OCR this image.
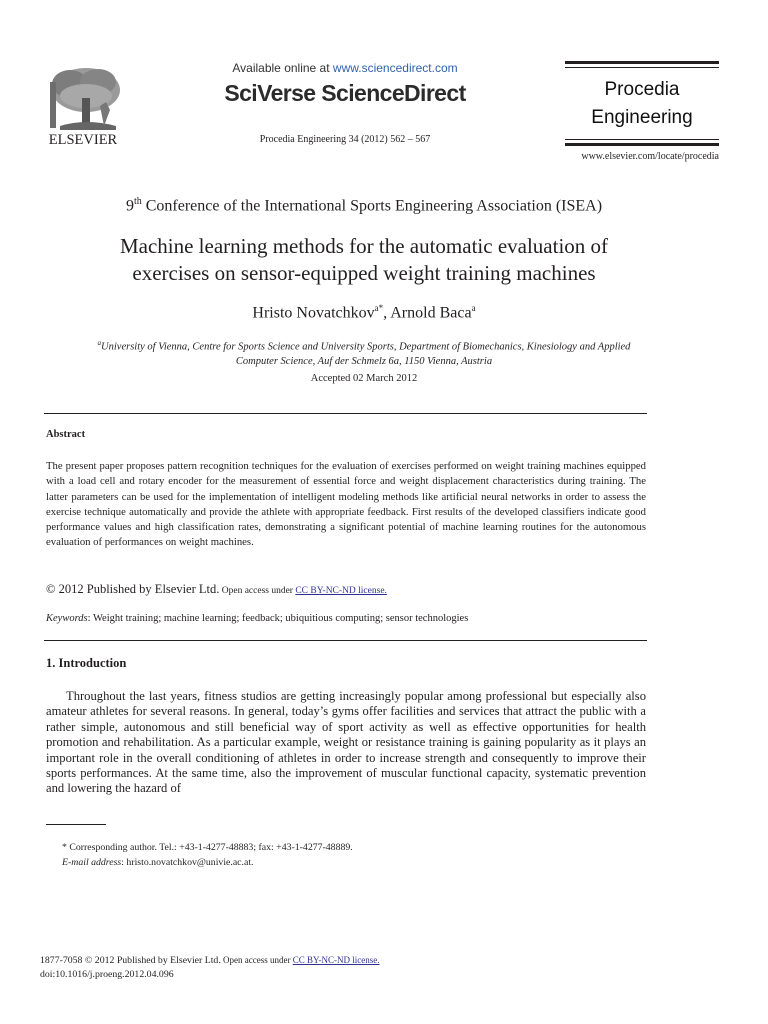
ELSEVIER
Available online at www.sciencedirect.com
SciVerse ScienceDirect
Procedia Engineering 34 (2012) 562 – 567
Procedia
Engineering
www.elsevier.com/locate/procedia
9th Conference of the International Sports Engineering Association (ISEA)
Machine learning methods for the automatic evaluation of
exercises on sensor-equipped weight training machines
Hristo Novatchkov$^{a*}$, Arnold Baca$^a$
$^a$University of Vienna, Centre for Sports Science and University Sports, Department of Biomechanics, Kinesiology and Applied
Computer Science, Auf der Schmelz 6a, 1150 Vienna, Austria
Accepted 02 March 2012
Abstract
The present paper proposes pattern recognition techniques for the evaluation of exercises performed on weight training machines equipped with a load cell and rotary encoder for the measurement of essential force and weight displacement characteristics during training. The latter parameters can be used for the implementation of intelligent modeling methods like artificial neural networks in order to assess the exercise technique automatically and provide the athlete with appropriate feedback. First results of the developed classifiers indicate good performance values and high classification rates, demonstrating a significant potential of machine learning routines for the autonomous evaluation of performances on weight machines.
© 2012 Published by Elsevier Ltd. Open access under CC BY-NC-ND license.
Keywords: Weight training; machine learning; feedback; ubiquitious computing; sensor technologies
1. Introduction
Throughout the last years, fitness studios are getting increasingly popular among professional but especially also amateur athletes for several reasons. In general, today’s gyms offer facilities and services that attract the public with a rather simple, autonomous and still beneficial way of sport activity as well as effective opportunities for health promotion and rehabilitation. As a particular example, weight or resistance training is gaining popularity as it plays an important role in the overall conditioning of athletes in order to increase strength and consequently to improve their sports performances. At the same time, also the improvement of muscular functional capacity, systematic prevention and lowering the hazard of
* Corresponding author. Tel.: +43-1-4277-48883; fax: +43-1-4277-48889.
E-mail address: hristo.novatchkov@univie.ac.at.
1877-7058 © 2012 Published by Elsevier Ltd. Open access under CC BY-NC-ND license.
doi:10.1016/j.proeng.2012.04.096
